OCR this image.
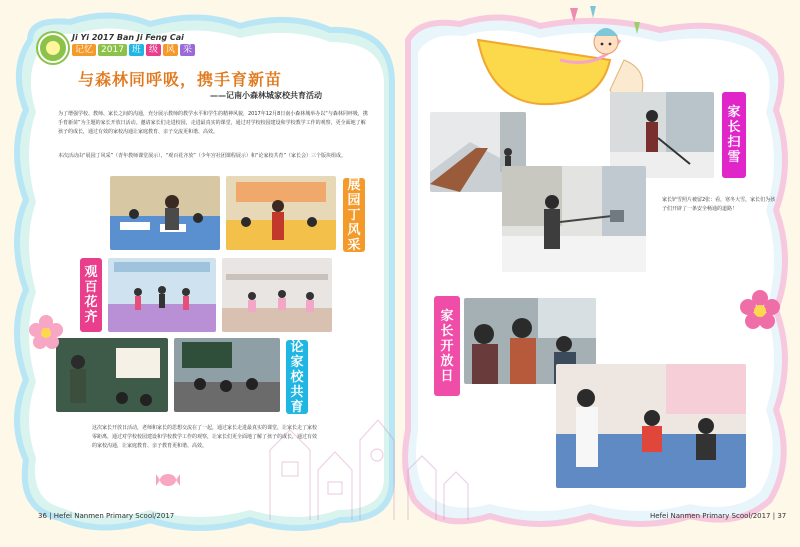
Ji Yi 2017 Ban Ji Feng Cai
记忆 2017 班 级 风 采
与森林同呼吸，携手育新苗
——记南小森林城家校共育活动
为了增强学校、教师、家长之间的沟通，充分展示教师的教学水平和学生的精神风貌，2017年12月8日南小森林城举办以“与森林同呼吸，携手育新苗”为主题的家长开放日活动。邀请家长们走进校园，走进最真实的课堂，通过对学校校园建设和学校教学工作的观察，更全面地了解孩子的成长，通过有效的家校沟通让家庭教育、亲子交流更和谐、高效。
本次活动由“展园丁风采”（青年教师课堂展示）、“观百花齐放”（少年宫社团课程展示）和“论家校共育”（家长会）三个版块组成。
展
园
丁
风
采
观
百
花
齐
论
家
校
共
育
这次家长开放日活动，老师和家长的思想交流在了一起，通过家长走进最真实的课堂，让家长走了家校零距离，通过对学校校园建设和学校教学工作的观察，让家长们更全面地了解了孩子的成长，通过有效的家校沟通，让家庭教育、亲子教育更和谐、高效。
36 | Hefei Nanmen Primary Scool/2017
家
长
扫
雪
家长铲雪照片被留2张：看，寒冬大雪，家长们为孩子们开辟了一条安全畅通的道路！
家
长
开
放
日
Hefei Nanmen Primary Scool/2017 | 37
